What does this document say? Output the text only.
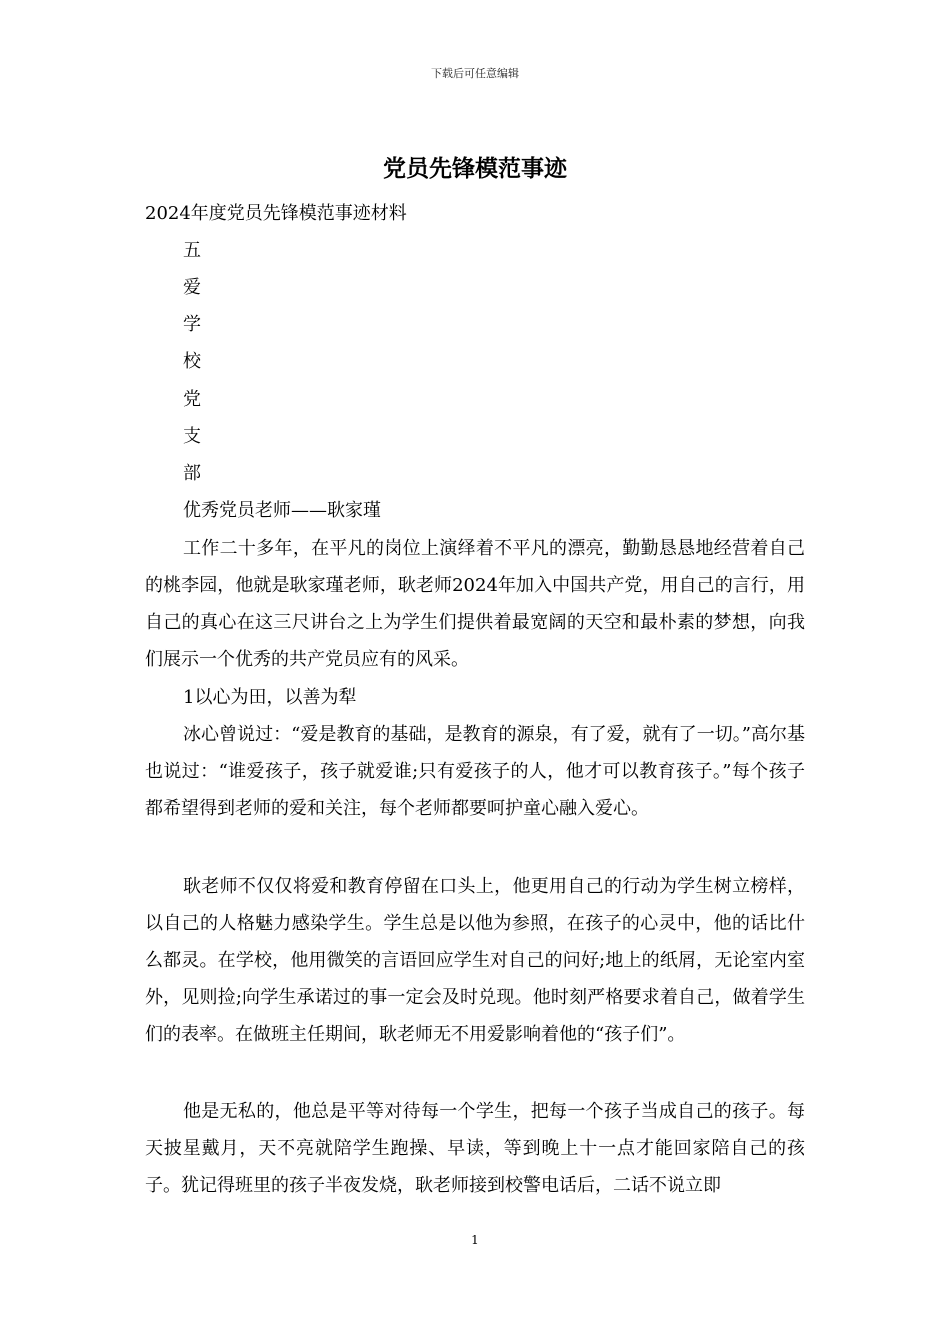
下载后可任意编辑
党员先锋模范事迹
2024年度党员先锋模范事迹材料
五
爱
学
校
党
支
部
优秀党员老师——耿家瑾
工作二十多年，在平凡的岗位上演绎着不平凡的漂亮，勤勤恳恳地经营着自己的桃李园，他就是耿家瑾老师，耿老师2024年加入中国共产党，用自己的言行，用自己的真心在这三尺讲台之上为学生们提供着最宽阔的天空和最朴素的梦想，向我们展示一个优秀的共产党员应有的风采。
1以心为田，以善为犁
冰心曾说过：“爱是教育的基础，是教育的源泉，有了爱，就有了一切。”高尔基也说过：“谁爱孩子，孩子就爱谁;只有爱孩子的人，他才可以教育孩子。”每个孩子都希望得到老师的爱和关注，每个老师都要呵护童心融入爱心。
耿老师不仅仅将爱和教育停留在口头上，他更用自己的行动为学生树立榜样，以自己的人格魅力感染学生。学生总是以他为参照，在孩子的心灵中，他的话比什么都灵。在学校，他用微笑的言语回应学生对自己的问好;地上的纸屑，无论室内室外，见则捡;向学生承诺过的事一定会及时兑现。他时刻严格要求着自己，做着学生们的表率。在做班主任期间，耿老师无不用爱影响着他的“孩子们”。
他是无私的，他总是平等对待每一个学生，把每一个孩子当成自己的孩子。每天披星戴月，天不亮就陪学生跑操、早读，等到晚上十一点才能回家陪自己的孩子。犹记得班里的孩子半夜发烧，耿老师接到校警电话后，二话不说立即
1
